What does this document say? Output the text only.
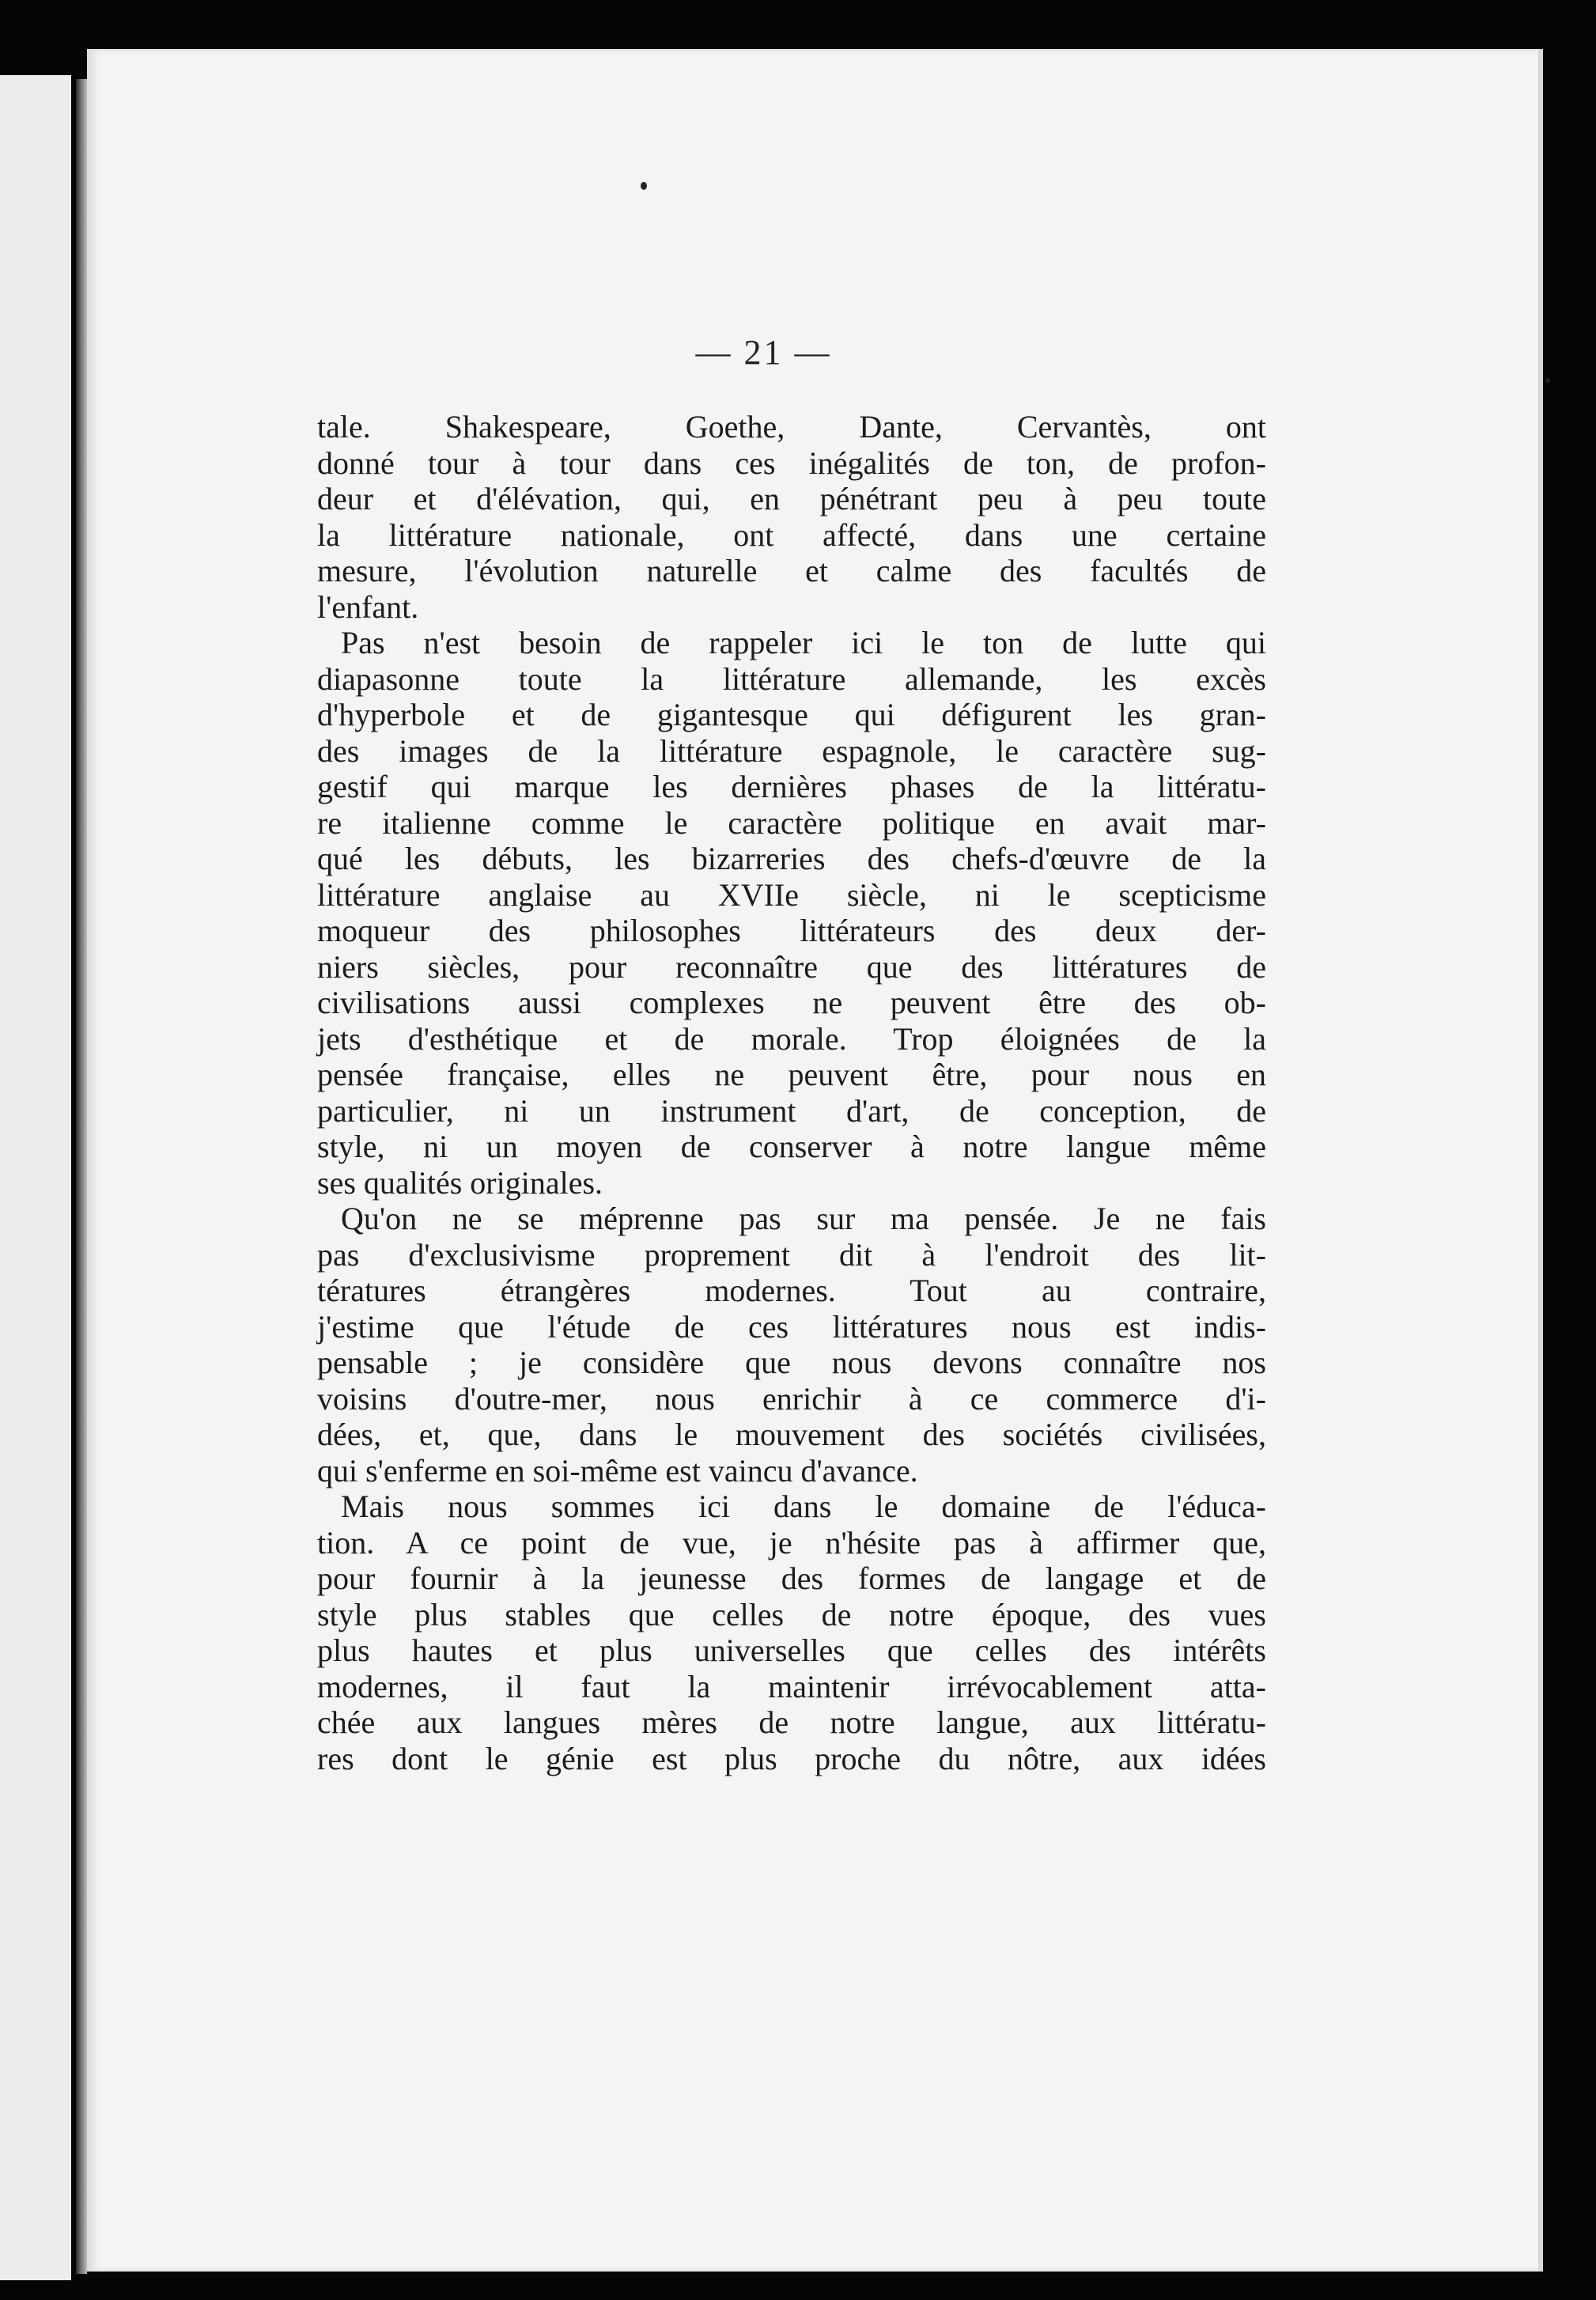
— 21 —

tale. Shakespeare, Goethe, Dante, Cervantès, ont
donné tour à tour dans ces inégalités de ton, de profon-
deur et d'élévation, qui, en pénétrant peu à peu toute
la littérature nationale, ont affecté, dans une certaine
mesure, l'évolution naturelle et calme des facultés de
l'enfant.

Pas n'est besoin de rappeler ici le ton de lutte qui
diapasonne toute la littérature allemande, les excès
d'hyperbole et de gigantesque qui défigurent les gran-
des images de la littérature espagnole, le caractère sug-
gestif qui marque les dernières phases de la littératu-
re italienne comme le caractère politique en avait mar-
qué les débuts, les bizarreries des chefs-d'œuvre de la
littérature anglaise au XVIIe siècle, ni le scepticisme
moqueur des philosophes littérateurs des deux der-
niers siècles, pour reconnaître que des littératures de
civilisations aussi complexes ne peuvent être des ob-
jets d'esthétique et de morale. Trop éloignées de la
pensée française, elles ne peuvent être, pour nous en
particulier, ni un instrument d'art, de conception, de
style, ni un moyen de conserver à notre langue même
ses qualités originales.

Qu'on ne se méprenne pas sur ma pensée. Je ne fais
pas d'exclusivisme proprement dit à l'endroit des lit-
tératures étrangères modernes. Tout au contraire,
j'estime que l'étude de ces littératures nous est indis-
pensable ; je considère que nous devons connaître nos
voisins d'outre-mer, nous enrichir à ce commerce d'i-
dées, et, que, dans le mouvement des sociétés civilisées,
qui s'enferme en soi-même est vaincu d'avance.

Mais nous sommes ici dans le domaine de l'éduca-
tion. A ce point de vue, je n'hésite pas à affirmer que,
pour fournir à la jeunesse des formes de langage et de
style plus stables que celles de notre époque, des vues
plus hautes et plus universelles que celles des intérêts
modernes, il faut la maintenir irrévocablement atta-
chée aux langues mères de notre langue, aux littératu-
res dont le génie est plus proche du nôtre, aux idées
